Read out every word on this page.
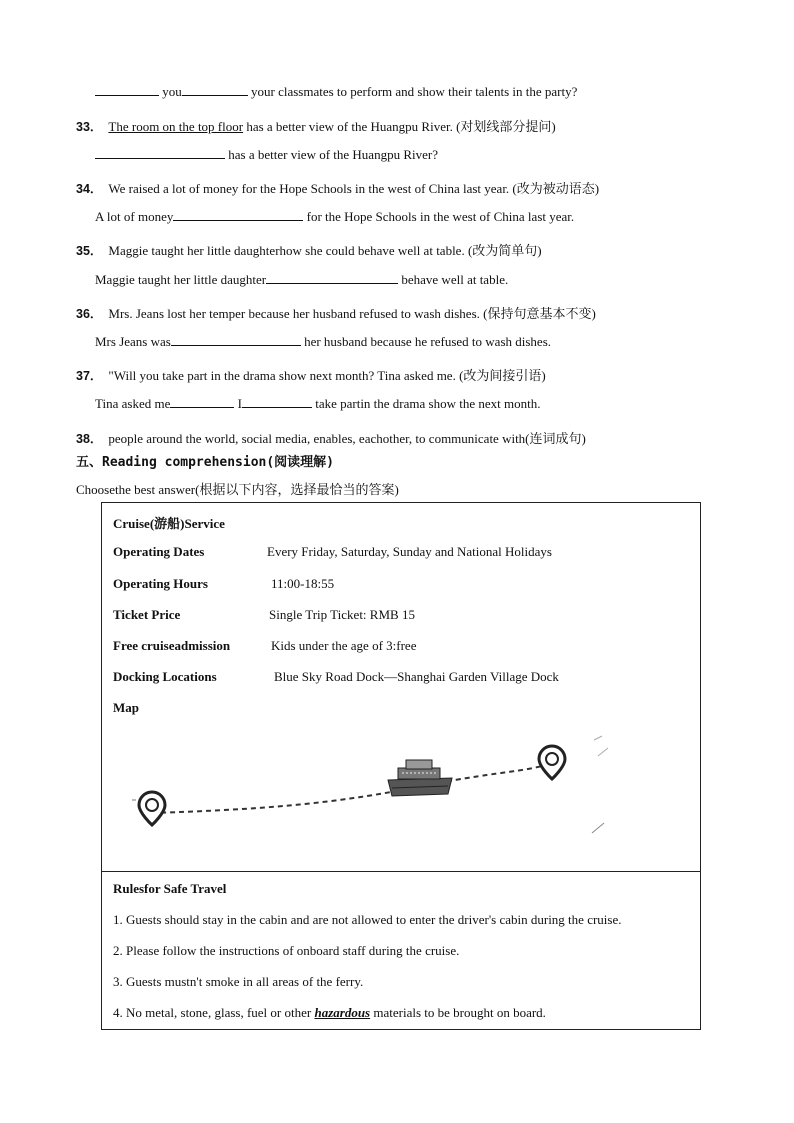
you	your classmates to perform and show their talents in the party?
33． The room on the top floor has a better view of the Huangpu River. (对划线部分提问)
has a better view of the Huangpu River?
34． We raised a lot of money for the Hope Schools in the west of China last year. (改为被动语态)
A lot of money	for the Hope Schools in the west of China last year.
35． Maggie taught her little daughterhow she could behave well at table. (改为简单句)
Maggie taught her little daughter	behave well at table.
36． Mrs. Jeans lost her temper because her husband refused to wash dishes. (保持句意基本不变)
Mrs Jeans was	her husband because he refused to wash dishes.
37． "Will you take part in the drama show next month? Tina asked me. (改为间接引语)
Tina asked me	I	take partin the drama show the next month.
38． people around the world, social media, enables, eachother, to communicate with(连词成句)
五、Reading comprehension(阅读理解)
Choosethe best answer(根据以下内容，选择最恰当的答案)
Cruise(游船)Service
Operating Dates	Every Friday, Saturday, Sunday and National Holidays
Operating Hours	11:00-18:55
Ticket Price	Single Trip Ticket: RMB 15
Free cruiseadmission	Kids under the age of 3:free
Docking Locations	Blue Sky Road Dock—Shanghai Garden Village Dock
Map
Rulesfor Safe Travel
1. Guests should stay in the cabin and are not allowed to enter the driver's cabin during the cruise.
2. Please follow the instructions of onboard staff during the cruise.
3. Guests mustn't smoke in all areas of the ferry.
4. No metal, stone, glass, fuel or other hazardous materials to be brought on board.
